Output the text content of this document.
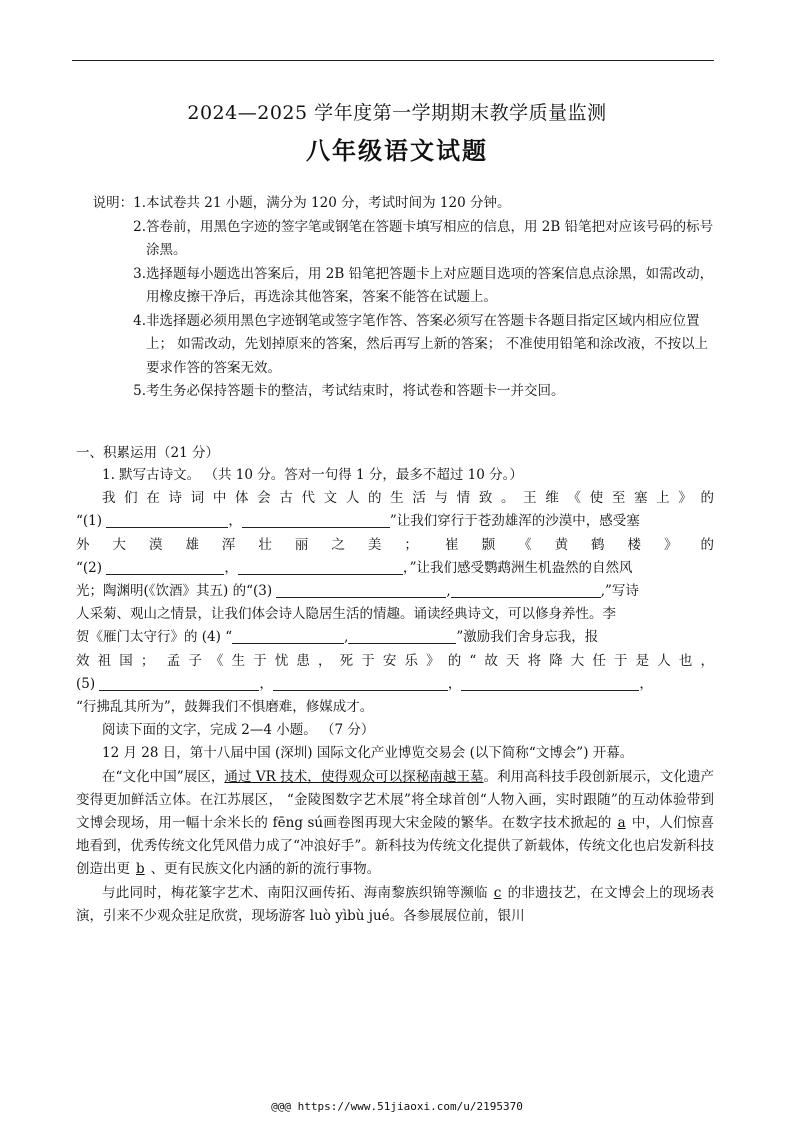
2024—2025 学年度第一学期期末教学质量监测
八年级语文试题
说明：1. 本试卷共 21 小题，满分为 120 分，考试时间为 120 分钟。
2. 答卷前，用黑色字迹的签字笔或钢笔在答题卡填写相应的信息，用 2B 铅笔把对应该号码的标号涂黑。
3. 选择题每小题选出答案后，用 2B 铅笔把答题卡上对应题目选项的答案信息点涂黑，如需改动，用橡皮擦干净后，再选涂其他答案，答案不能答在试题上。
4. 非选择题必须用黑色字迹钢笔或签字笔作答、答案必须写在答题卡各题目指定区域内相应位置上； 如需改动，先划掉原来的答案，然后再写上新的答案； 不准使用铅笔和涂改液，不按以上要求作答的答案无效。
5. 考生务必保持答题卡的整洁，考试结束时，将试卷和答题卡一并交回。
一、积累运用（21 分）

1. 默写古诗文。 （共 10 分。答对一句得 1 分，最多不超过 10 分。）

我们在诗词中体会古代文人的生活与情致。王维《使至塞上》的

“(1)	，	”让我们穿行于苍劲雄浑的沙漠中，感受塞

外大漠雄浑壮丽之美； 崔颢《黄鹤楼》的

“(2)	，	，”让我们感受鹦鹉洲生机盎然的自然风

光；陶渊明(《饮酒》其五) 的“(3)	,	,”写诗

人采菊、观山之情景，让我们体会诗人隐居生活的情趣。诵读经典诗文，可以修身养性。李

贺《雁门太守行》的 (4) “	,	”激励我们舍身忘我，报

效祖国； 孟子《生于忧患，死于安乐》的“故天将降大任于是人也，

(5)	，	，	，

“行拂乱其所为”，鼓舞我们不惧磨难，修媒成才。

阅读下面的文字，完成 2—4 小题。 （7 分）

12 月 28 日，第十八届中国 (深圳) 国际文化产业博览交易会 (以下简称“文博会”) 开幕。

在“文化中国”展区，通过 VR 技术，使得观众可以探秘南越王墓。利用高科技手段创新展示，文化遗产变得更加鲜活立体。在江苏展区， “金陵图数字艺术展”将全球首创“人物入画，实时跟随”的互动体验带到文博会现场，用一幅十余米长的 fēng sú画卷图再现大宋金陵的繁华。在数字技术掀起的 a 中，人们惊喜地看到，优秀传统文化凭风借力成了“冲浪好手”。新科技为传统文化提供了新载体，传统文化也启发新科技创造出更 b 、更有民族文化内涵的新的流行事物。

与此同时，梅花篆字艺术、南阳汉画传拓、海南黎族织锦等濒临 c 的非遗技艺，在文博会上的现场表演，引来不少观众驻足欣赏，现场游客 luò yìbù jué。各参展展位前，银川

@@@ https://www.51jiaoxi.com/u/2195370
